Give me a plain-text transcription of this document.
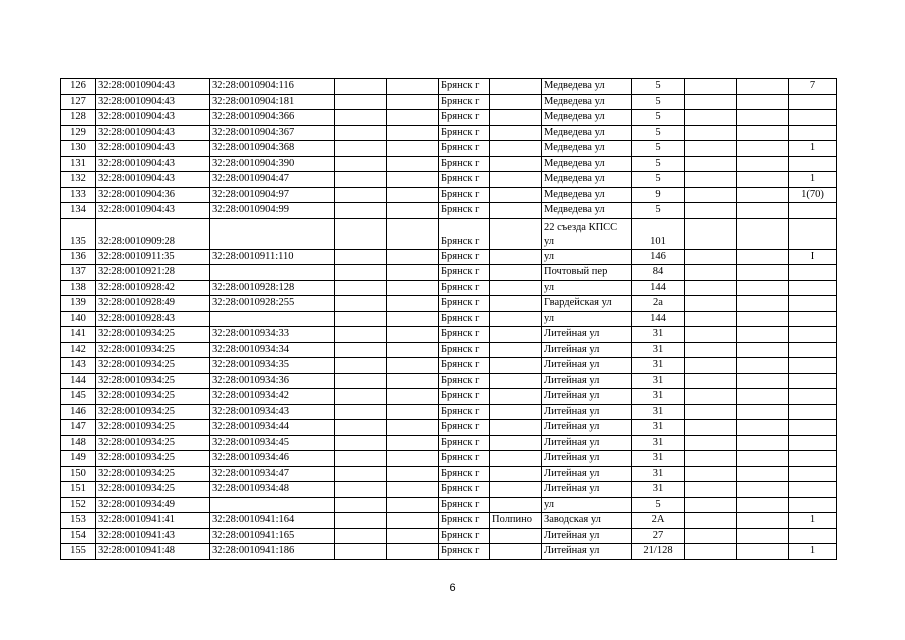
126	32:28:0010904:43	32:28:0010904:116			Брянск г		Медведева ул	5			7
127	32:28:0010904:43	32:28:0010904:181			Брянск г		Медведева ул	5			
128	32:28:0010904:43	32:28:0010904:366			Брянск г		Медведева ул	5			
129	32:28:0010904:43	32:28:0010904:367			Брянск г		Медведева ул	5			
130	32:28:0010904:43	32:28:0010904:368			Брянск г		Медведева ул	5			1
131	32:28:0010904:43	32:28:0010904:390			Брянск г		Медведева ул	5			
132	32:28:0010904:43	32:28:0010904:47			Брянск г		Медведева ул	5			1
133	32:28:0010904:36	32:28:0010904:97			Брянск г		Медведева ул	9			1(70)
134	32:28:0010904:43	32:28:0010904:99			Брянск г		Медведева ул	5			
135	32:28:0010909:28				Брянск г		22 съезда КПСС ул	101			
136	32:28:0010911:35	32:28:0010911:110			Брянск г		ул	146			I
137	32:28:0010921:28				Брянск г		Почтовый пер	84			
138	32:28:0010928:42	32:28:0010928:128			Брянск г		ул	144			
139	32:28:0010928:49	32:28:0010928:255			Брянск г		Гвардейская ул	2а			
140	32:28:0010928:43				Брянск г		ул	144			
141	32:28:0010934:25	32:28:0010934:33			Брянск г		Литейная ул	31			
142	32:28:0010934:25	32:28:0010934:34			Брянск г		Литейная ул	31			
143	32:28:0010934:25	32:28:0010934:35			Брянск г		Литейная ул	31			
144	32:28:0010934:25	32:28:0010934:36			Брянск г		Литейная ул	31			
145	32:28:0010934:25	32:28:0010934:42			Брянск г		Литейная ул	31			
146	32:28:0010934:25	32:28:0010934:43			Брянск г		Литейная ул	31			
147	32:28:0010934:25	32:28:0010934:44			Брянск г		Литейная ул	31			
148	32:28:0010934:25	32:28:0010934:45			Брянск г		Литейная ул	31			
149	32:28:0010934:25	32:28:0010934:46			Брянск г		Литейная ул	31			
150	32:28:0010934:25	32:28:0010934:47			Брянск г		Литейная ул	31			
151	32:28:0010934:25	32:28:0010934:48			Брянск г		Литейная ул	31			
152	32:28:0010934:49				Брянск г		ул	5			
153	32:28:0010941:41	32:28:0010941:164			Брянск г	Полпино	Заводская ул	2А			1
154	32:28:0010941:43	32:28:0010941:165			Брянск г		Литейная ул	27			
155	32:28:0010941:48	32:28:0010941:186			Брянск г		Литейная ул	21/128			1
6
